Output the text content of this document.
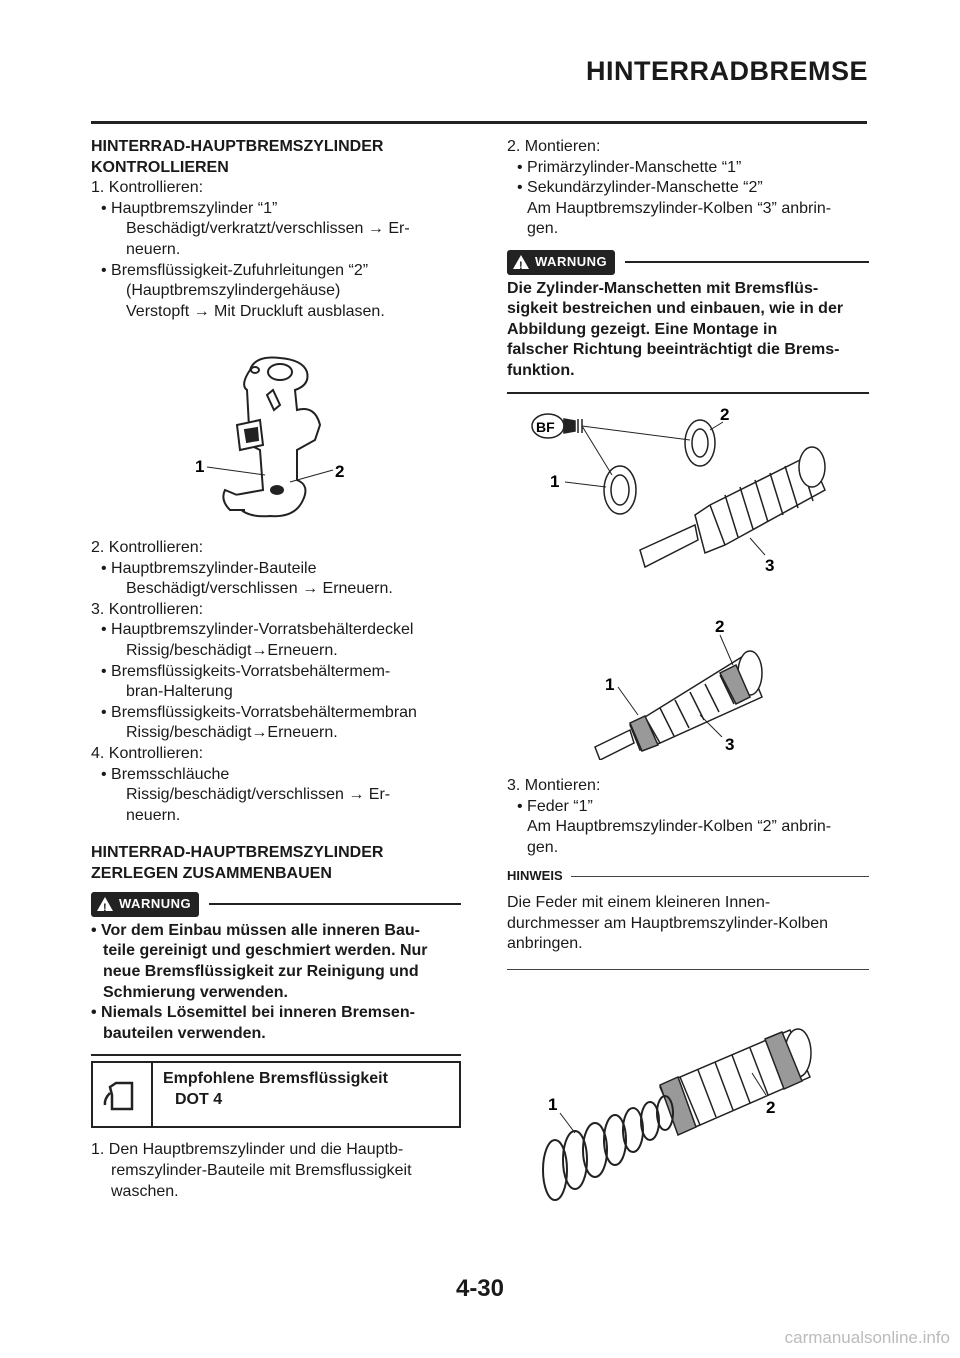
HINTERRADBREMSE

HINTERRAD-HAUPTBREMSZYLINDER

KONTROLLIEREN

1. Kontrollieren:

• Hauptbremszylinder “1”

Beschädigt/verkratzt/verschlissen → Er-

neuern.

• Bremsflüssigkeit-Zufuhrleitungen “2”

(Hauptbremszylindergehäuse)

Verstopft → Mit Druckluft ausblasen.

1	2

2. Kontrollieren:

• Hauptbremszylinder-Bauteile

Beschädigt/verschlissen → Erneuern.

3. Kontrollieren:

• Hauptbremszylinder-Vorratsbehälterdeckel

Rissig/beschädigt→Erneuern.

• Bremsflüssigkeits-Vorratsbehältermem-

bran-Halterung

• Bremsflüssigkeits-Vorratsbehältermembran

Rissig/beschädigt→Erneuern.

4. Kontrollieren:

• Bremsschläuche

Rissig/beschädigt/verschlissen → Er-

neuern.

HINTERRAD-HAUPTBREMSZYLINDER

ZERLEGEN ZUSAMMENBAUEN

! WARNUNG

• Vor dem Einbau müssen alle inneren Bau-

teile gereinigt und geschmiert werden. Nur

neue Bremsflüssigkeit zur Reinigung und

Schmierung verwenden.

• Niemals Lösemittel bei inneren Bremsen-

bauteilen verwenden.

Empfohlene Bremsflüssigkeit

DOT 4

1. Den Hauptbremszylinder und die Hauptb-

remszylinder-Bauteile mit Bremsflussigkeit

waschen.

2. Montieren:

• Primärzylinder-Manschette “1”

• Sekundärzylinder-Manschette “2”

Am Hauptbremszylinder-Kolben “3” anbrin-

gen.

! WARNUNG

Die Zylinder-Manschetten mit Bremsflüs-

sigkeit bestreichen und einbauen, wie in der

Abbildung gezeigt. Eine Montage in

falscher Richtung beeinträchtigt die Brems-

funktion.

BF
1
2
3
1
2
3

3. Montieren:

• Feder “1”

Am Hauptbremszylinder-Kolben “2” anbrin-

gen.

HINWEIS

Die Feder mit einem kleineren Innen-

durchmesser am Hauptbremszylinder-Kolben

anbringen.

1	2
4-30
carmanualsonline.info
